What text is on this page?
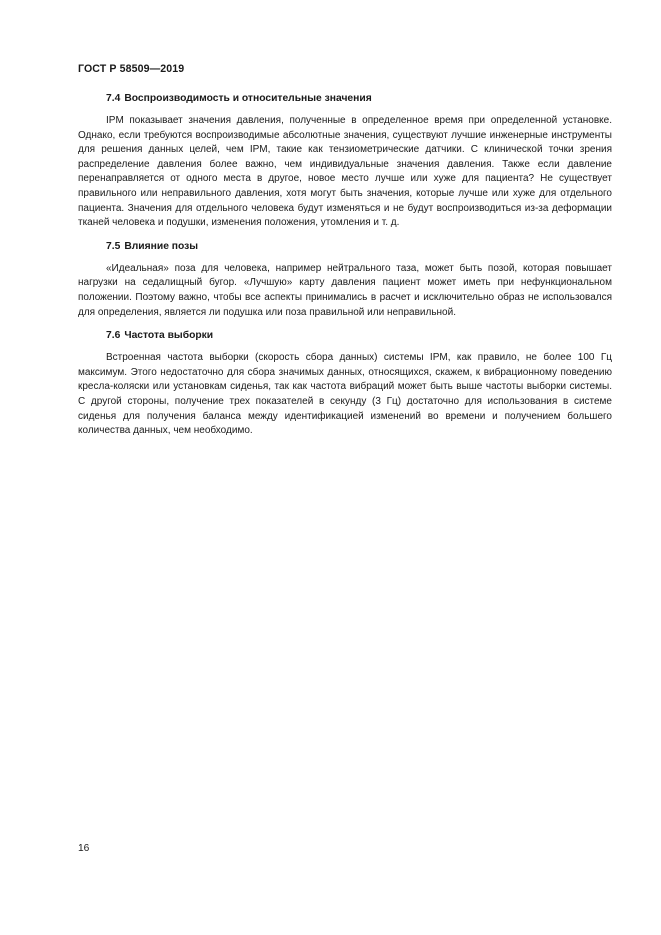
ГОСТ Р 58509—2019
7.4 Воспроизводимость и относительные значения

IPM показывает значения давления, полученные в определенное время при определенной установке. Однако, если требуются воспроизводимые абсолютные значения, существуют лучшие инженерные инструменты для решения данных целей, чем IPM, такие как тензиометрические датчики. С клинической точки зрения распределение давления более важно, чем индивидуальные значения давления. Также если давление перенаправляется от одного места в другое, новое место лучше или хуже для пациента? Не существует правильного или неправильного давления, хотя могут быть значения, которые лучше или хуже для отдельного пациента. Значения для отдельного человека будут изменяться и не будут воспроизводиться из-за деформации тканей человека и подушки, изменения положения, утомления и т. д.

7.5 Влияние позы

«Идеальная» поза для человека, например нейтрального таза, может быть позой, которая повышает нагрузки на седалищный бугор. «Лучшую» карту давления пациент может иметь при нефункциональном положении. Поэтому важно, чтобы все аспекты принимались в расчет и исключительно образ не использовался для определения, является ли подушка или поза правильной или неправильной.

7.6 Частота выборки

Встроенная частота выборки (скорость сбора данных) системы IPM, как правило, не более 100 Гц максимум. Этого недостаточно для сбора значимых данных, относящихся, скажем, к вибрационному поведению кресла-коляски или установкам сиденья, так как частота вибраций может быть выше частоты выборки системы. С другой стороны, получение трех показателей в секунду (3 Гц) достаточно для использования в системе сиденья для получения баланса между идентификацией изменений во времени и получением большего количества данных, чем необходимо.

16
